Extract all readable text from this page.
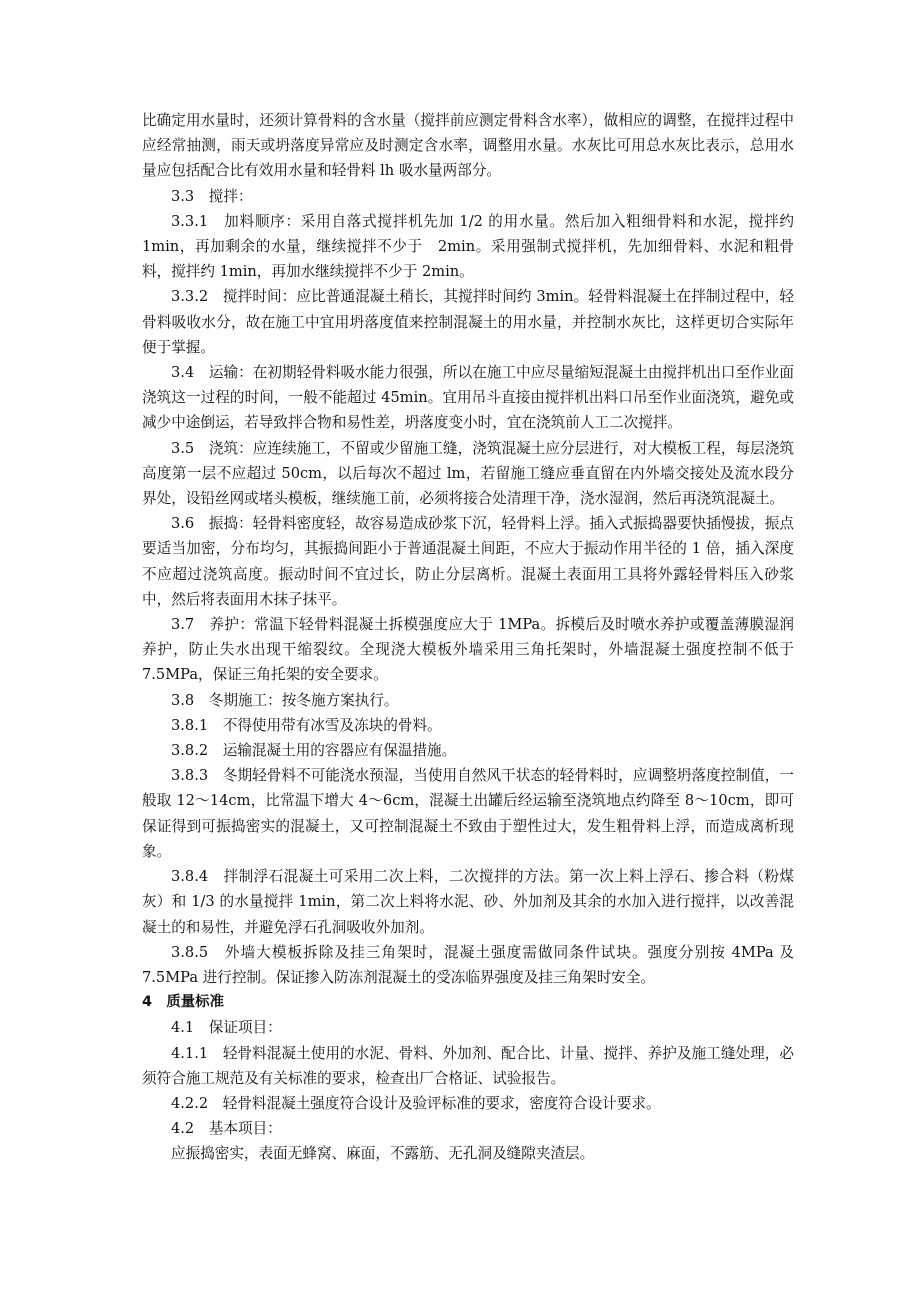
比确定用水量时，还须计算骨料的含水量（搅拌前应测定骨料含水率），做相应的调整，在搅拌过程中应经常抽测，雨天或坍落度异常应及时测定含水率，调整用水量。水灰比可用总水灰比表示，总用水量应包括配合比有效用水量和轻骨料 lh 吸水量两部分。

3.3　搅拌：

3.3.1　加料顺序：采用自落式搅拌机先加 1/2 的用水量。然后加入粗细骨料和水泥，搅拌约 1min，再加剩余的水量，继续搅拌不少于　2min。采用强制式搅拌机，先加细骨料、水泥和粗骨料，搅拌约 1min，再加水继续搅拌不少于 2min。

3.3.2　搅拌时间：应比普通混凝土稍长，其搅拌时间约 3min。轻骨料混凝土在拌制过程中，轻骨料吸收水分，故在施工中宜用坍落度值来控制混凝土的用水量，并控制水灰比，这样更切合实际年便于掌握。

3.4　运输：在初期轻骨料吸水能力很强，所以在施工中应尽量缩短混凝土由搅拌机出口至作业面浇筑这一过程的时间，一般不能超过 45min。宜用吊斗直接由搅拌机出料口吊至作业面浇筑，避免或减少中途倒运，若导致拌合物和易性差，坍落度变小时，宜在浇筑前人工二次搅拌。

3.5　浇筑：应连续施工，不留或少留施工缝，浇筑混凝土应分层进行，对大模板工程，每层浇筑高度第一层不应超过 50cm，以后每次不超过 lm，若留施工缝应垂直留在内外墙交接处及流水段分界处，设铅丝网或堵头模板，继续施工前，必须将接合处清理干净，浇水湿润，然后再浇筑混凝土。

3.6　振捣：轻骨料密度轻，故容易造成砂浆下沉，轻骨料上浮。插入式振捣器要快插慢拔，振点要适当加密，分布均匀，其振捣间距小于普通混凝土间距，不应大于振动作用半径的 1 倍，插入深度不应超过浇筑高度。振动时间不宜过长，防止分层离析。混凝土表面用工具将外露轻骨料压入砂浆中，然后将表面用木抹子抹平。

3.7　养护：常温下轻骨料混凝土拆模强度应大于 1MPa。拆模后及时喷水养护或覆盖薄膜湿润养护，防止失水出现干缩裂纹。全现浇大模板外墙采用三角托架时，外墙混凝土强度控制不低于 7.5MPa，保证三角托架的安全要求。

3.8　冬期施工：按冬施方案执行。

3.8.1　不得使用带有冰雪及冻块的骨料。

3.8.2　运输混凝土用的容器应有保温措施。

3.8.3　冬期轻骨料不可能浇水预湿，当使用自然风干状态的轻骨料时，应调整坍落度控制值，一般取 12～14cm，比常温下增大 4～6cm，混凝土出罐后经运输至浇筑地点约降至 8～10cm，即可保证得到可振捣密实的混凝土，又可控制混凝土不致由于塑性过大，发生粗骨料上浮，而造成离析现象。

3.8.4　拌制浮石混凝土可采用二次上料，二次搅拌的方法。第一次上料上浮石、掺合料（粉煤灰）和 1/3 的水量搅拌 1min，第二次上料将水泥、砂、外加剂及其余的水加入进行搅拌，以改善混凝土的和易性，并避免浮石孔洞吸收外加剂。

3.8.5　外墙大模板拆除及挂三角架时，混凝土强度需做同条件试块。强度分别按 4MPa 及 7.5MPa 进行控制。保证掺入防冻剂混凝土的受冻临界强度及挂三角架时安全。

4　质量标准

4.1　保证项目：

4.1.1　轻骨料混凝土使用的水泥、骨料、外加剂、配合比、计量、搅拌、养护及施工缝处理，必须符合施工规范及有关标准的要求，检查出厂合格证、试验报告。

4.2.2　轻骨料混凝土强度符合设计及验评标准的要求，密度符合设计要求。

4.2　基本项目：

应振捣密实，表面无蜂窝、麻面，不露筋、无孔洞及缝隙夹渣层。
